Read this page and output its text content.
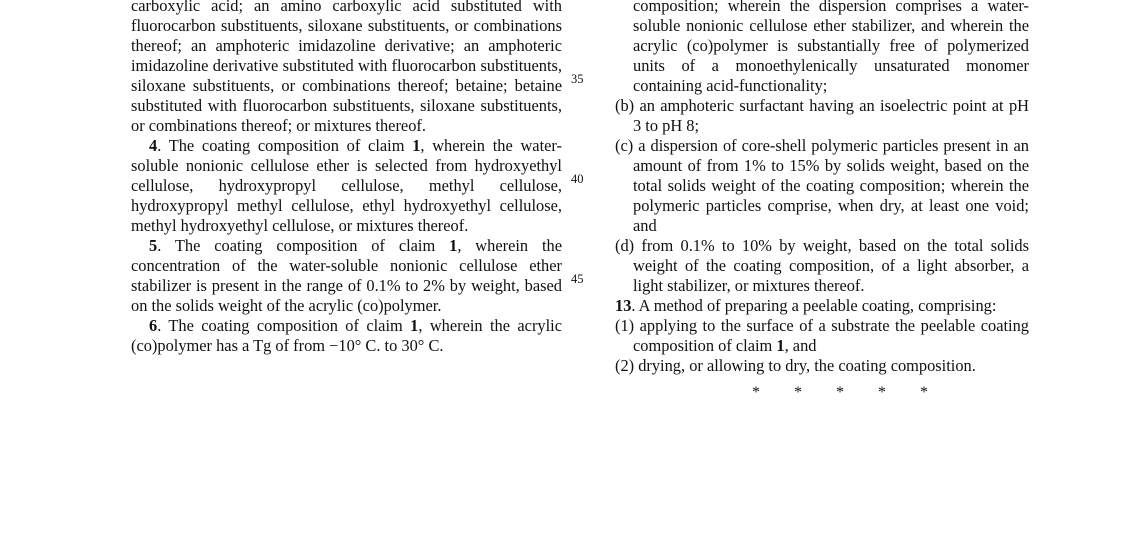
carboxylic acid; an amino carboxylic acid substituted with fluorocarbon substituents, siloxane substituents, or combinations thereof; an amphoteric imidazoline derivative; an amphoteric imidazoline derivative substituted with fluorocarbon substituents, siloxane substituents, or combinations thereof; betaine; betaine substituted with fluorocarbon substituents, siloxane substituents, or combinations thereof; or mixtures thereof.

4. The coating composition of claim 1, wherein the water-soluble nonionic cellulose ether is selected from hydroxyethyl cellulose, hydroxypropyl cellulose, methyl cellulose, hydroxypropyl methyl cellulose, ethyl hydroxyethyl cellulose, methyl hydroxyethyl cellulose, or mixtures thereof.

5. The coating composition of claim 1, wherein the concentration of the water-soluble nonionic cellulose ether stabilizer is present in the range of 0.1% to 2% by weight, based on the solids weight of the acrylic (co)polymer.

6. The coating composition of claim 1, wherein the acrylic (co)polymer has a Tg of from −10° C. to 30° C.

35
40
45

composition; wherein the dispersion comprises a water-soluble nonionic cellulose ether stabilizer, and wherein the acrylic (co)polymer is substantially free of polymerized units of a monoethylenically unsaturated monomer containing acid-functionality;

(b) an amphoteric surfactant having an isoelectric point at pH 3 to pH 8;

(c) a dispersion of core-shell polymeric particles present in an amount of from 1% to 15% by solids weight, based on the total solids weight of the coating composition; wherein the polymeric particles comprise, when dry, at least one void; and

(d) from 0.1% to 10% by weight, based on the total solids weight of the coating composition, of a light absorber, a light stabilizer, or mixtures thereof.

13. A method of preparing a peelable coating, comprising:

(1) applying to the surface of a substrate the peelable coating composition of claim 1, and

(2) drying, or allowing to dry, the coating composition.

* * * * *
